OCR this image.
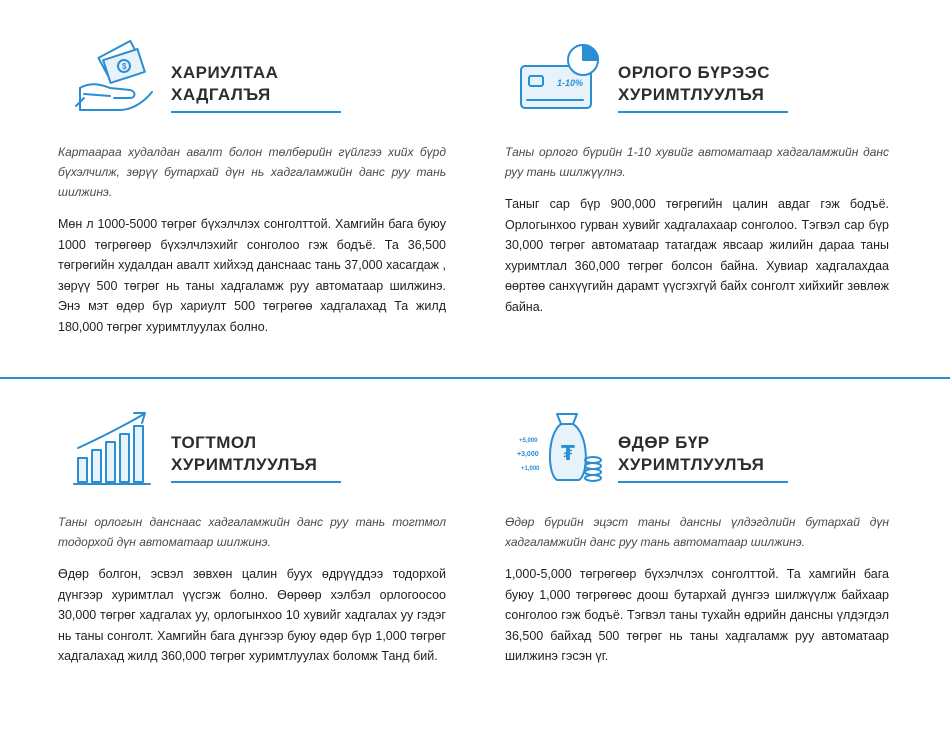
$	ХАРИУЛТАА
ХАДГАЛЪЯ

Картаараа худалдан авалт болон төлбөрийн гүйлгээ хийх бүрд бүхэлчилж, зөрүү бутархай дүн нь хадгаламжийн данс руу тань шилжинэ.

Мөн л 1000-5000 төгрөг бүхэлчлэх сонголттой. Хамгийн бага буюу 1000 төгрөгөөр бүхэлчлэхийг сонголоо гэж бодъё. Та 36,500 төгрөгийн худалдан авалт хийхэд данснаас тань 37,000 хасагдаж , зөрүү 500 төгрөг нь таны хадгаламж руу автоматаар шилжинэ. Энэ мэт өдөр бүр хариулт 500 төгрөгөө хадгалахад Та жилд 180,000 төгрөг хуримтлуулах болно.

1-10%
ОРЛОГО БҮРЭЭС
ХУРИМТЛУУЛЪЯ

Таны орлого бүрийн 1-10 хувийг автоматаар хадгаламжийн данс руу тань шилжүүлнэ.

Таныг сар бүр 900,000 төгрөгийн цалин авдаг гэж бодъё. Орлогынхоо гурван хувийг хадгалахаар сонголоо. Тэгвэл сар бүр 30,000 төгрөг автоматаар татагдаж явсаар жилийн дараа таны хуримтлал 360,000 төгрөг болсон байна. Хувиар хадгалахдаа өөртөө санхүүгийн дарамт үүсгэхгүй байх сонголт хийхийг зөвлөж байна.

ТОГТМОЛ
ХУРИМТЛУУЛЪЯ

Таны орлогын данснаас хадгаламжийн данс руу тань тогтмол тодорхой дүн автоматаар шилжинэ.

Өдөр болгон, эсвэл зөвхөн цалин буух өдрүүддээ тодорхой дүнгээр хуримтлал үүсгэж болно. Өөрөөр хэлбэл орлогоосоо 30,000 төгрөг хадгалах уу, орлогынхоо 10 хувийг хадгалах уу гэдэг нь таны сонголт. Хамгийн бага дүнгээр буюу өдөр бүр 1,000 төгрөг хадгалахад жилд 360,000 төгрөг хуримтлуулах боломж Танд бий.

₮
+5,000
+3,000
+1,000
ӨДӨР БҮР
ХУРИМТЛУУЛЪЯ

Өдөр бүрийн эцэст таны дансны үлдэгдлийн бутархай дүн хадгаламжийн данс руу тань автоматаар шилжинэ.

1,000-5,000 төгрөгөөр бүхэлчлэх сонголттой. Та хамгийн бага буюу 1,000 төгрөгөөс доош бутархай дүнгээ шилжүүлж байхаар сонголоо гэж бодъё. Тэгвэл таны тухайн өдрийн дансны үлдэгдэл 36,500 байхад 500 төгрөг нь таны хадгаламж руу автоматаар шилжинэ гэсэн үг.
